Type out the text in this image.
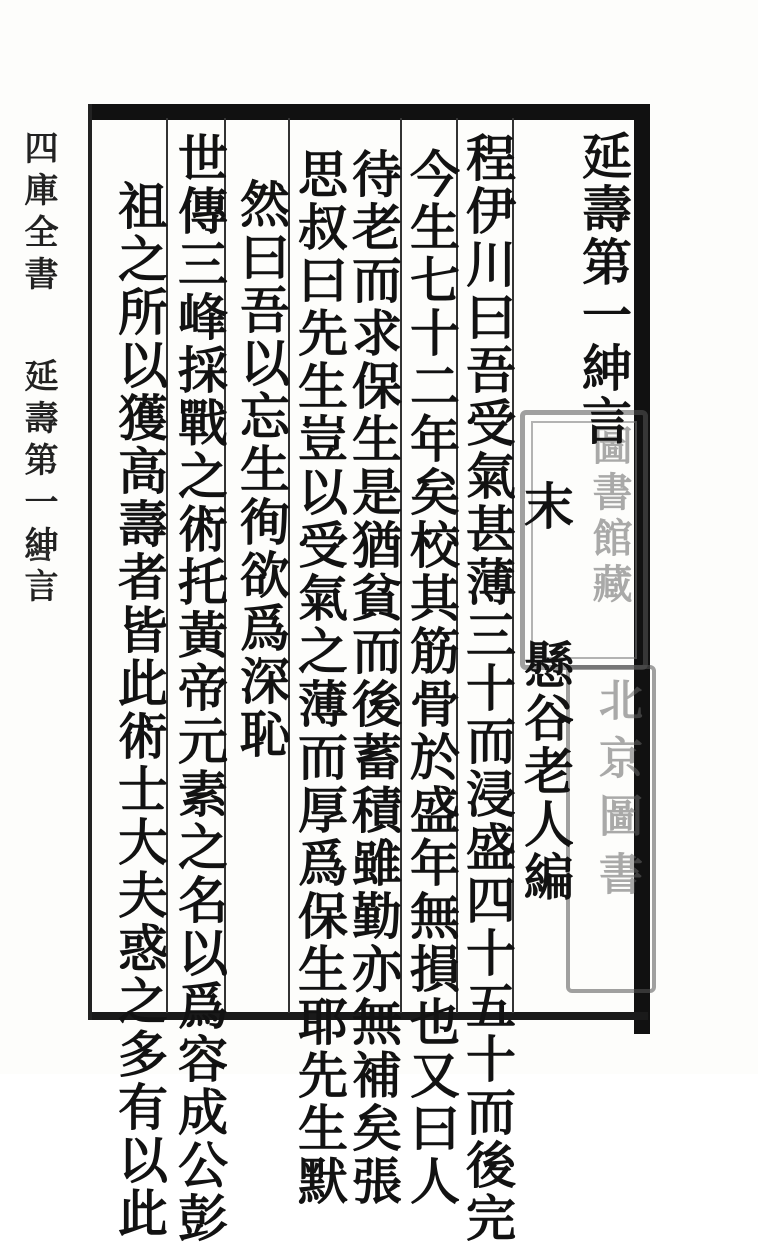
圖書館藏
北京圖書
延壽第一紳言
末　　懸谷老人編
程伊川曰吾受氣甚薄三十而浸盛四十五十而後完
今生七十二年矣校其筋骨於盛年無損也又曰人
待老而求保生是猶貧而後蓄積雖勤亦無補矣張
思叔曰先生豈以受氣之薄而厚爲保生耶先生默
然曰吾以忘生徇欲爲深恥
世傳三峰採戰之術托黃帝元素之名以爲容成公彭
祖之所以獲高壽者皆此術士大夫惑之多有以此
四庫全書延壽第一紳言
